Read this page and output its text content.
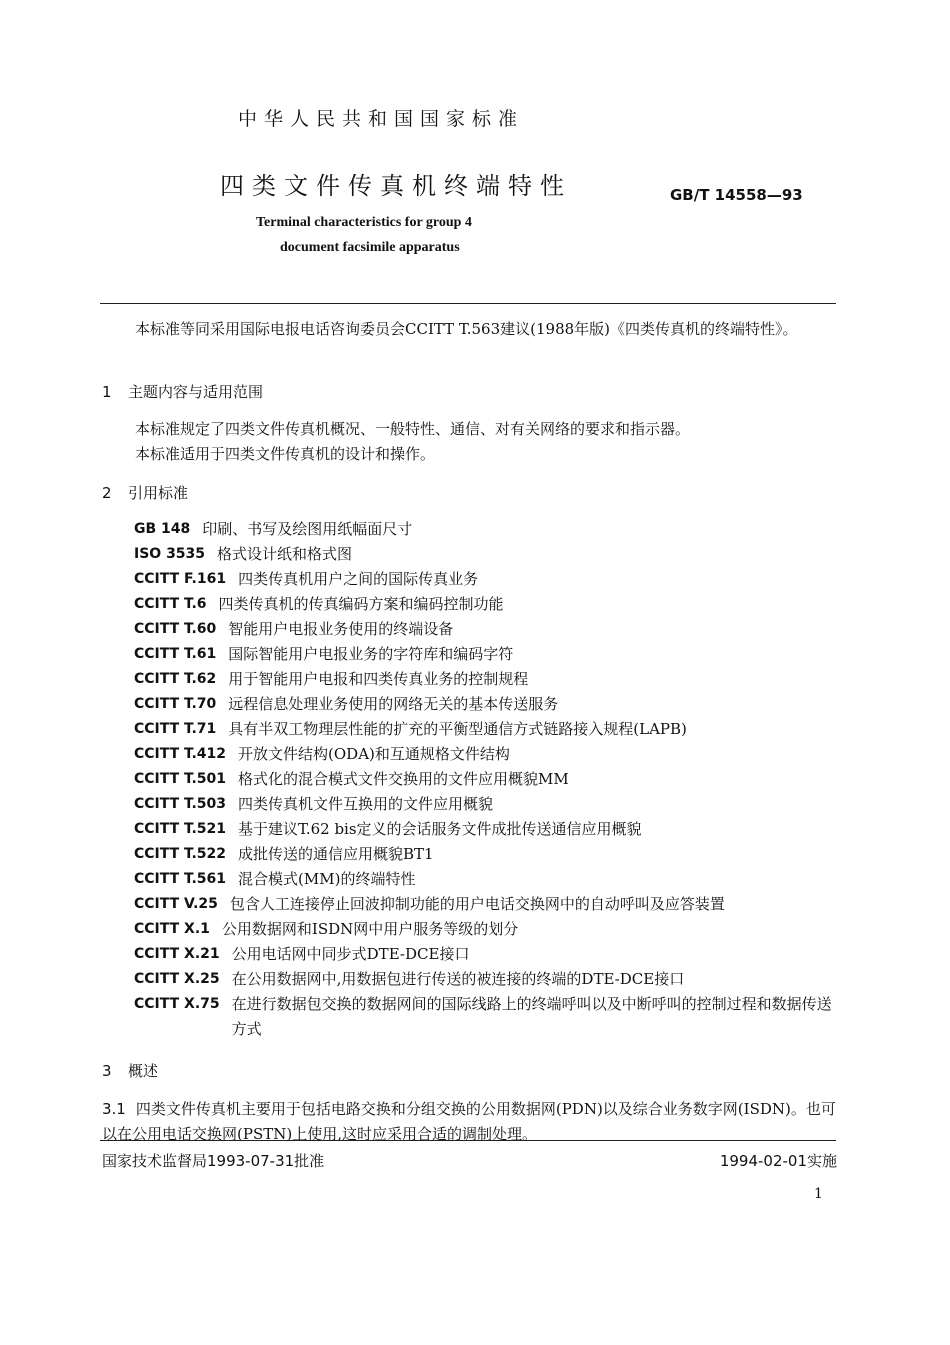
中华人民共和国国家标准
四类文件传真机终端特性	GB/T 14558—93
Terminal characteristics for group 4
document facsimile apparatus
本标准等同采用国际电报电话咨询委员会CCITT T.563建议(1988年版)《四类传真机的终端特性》。
1 主题内容与适用范围
本标准规定了四类文件传真机概况、一般特性、通信、对有关网络的要求和指示器。
本标准适用于四类文件传真机的设计和操作。
2 引用标准
GB 148 印刷、书写及绘图用纸幅面尺寸
ISO 3535 格式设计纸和格式图
CCITT F.161 四类传真机用户之间的国际传真业务
CCITT T.6 四类传真机的传真编码方案和编码控制功能
CCITT T.60 智能用户电报业务使用的终端设备
CCITT T.61 国际智能用户电报业务的字符库和编码字符
CCITT T.62 用于智能用户电报和四类传真业务的控制规程
CCITT T.70 远程信息处理业务使用的网络无关的基本传送服务
CCITT T.71 具有半双工物理层性能的扩充的平衡型通信方式链路接入规程(LAPB)
CCITT T.412 开放文件结构(ODA)和互通规格文件结构
CCITT T.501 格式化的混合模式文件交换用的文件应用概貌MM
CCITT T.503 四类传真机文件互换用的文件应用概貌
CCITT T.521 基于建议T.62 bis定义的会话服务文件成批传送通信应用概貌
CCITT T.522 成批传送的通信应用概貌BT1
CCITT T.561 混合模式(MM)的终端特性
CCITT V.25 包含人工连接停止回波抑制功能的用户电话交换网中的自动呼叫及应答装置
CCITT X.1 公用数据网和ISDN网中用户服务等级的划分
CCITT X.21 公用电话网中同步式DTE-DCE接口
CCITT X.25 在公用数据网中,用数据包进行传送的被连接的终端的DTE-DCE接口
CCITT X.75 在进行数据包交换的数据网间的国际线路上的终端呼叫以及中断呼叫的控制过程和数据传送方式
3 概述
3.1 四类文件传真机主要用于包括电路交换和分组交换的公用数据网(PDN)以及综合业务数字网(ISDN)。也可以在公用电话交换网(PSTN)上使用,这时应采用合适的调制处理。
国家技术监督局1993-07-31批准	1994-02-01实施
1
